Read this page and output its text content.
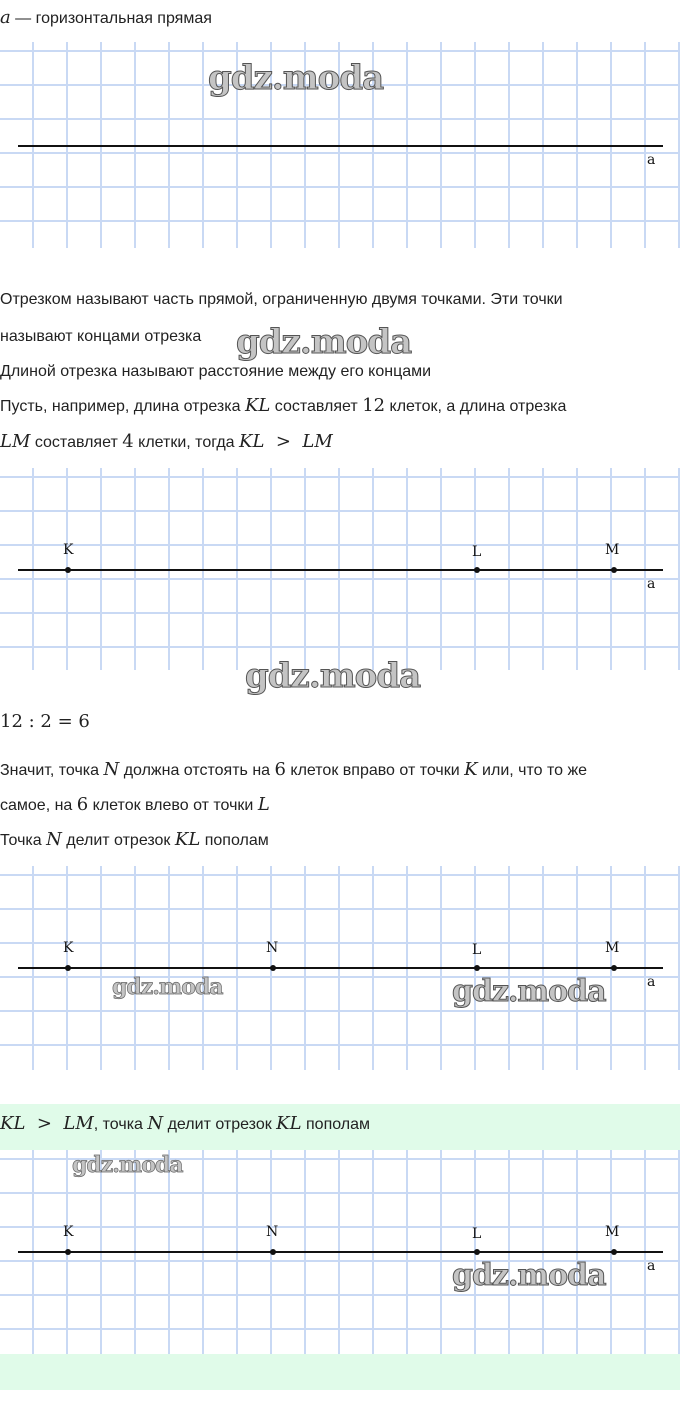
a — горизонтальная прямая
a
gdz.moda
Отрезком называют часть прямой, ограниченную двумя точками. Эти точки
называют концами отрезка	gdz.moda
Длиной отрезка называют расстояние между его концами
Пусть, например, длина отрезка KL составляет 12 клеток, а длина отрезка
LM составляет 4 клетки, тогда KL  >  LM
K	L	M
a
gdz.moda
12 : 2 = 6
Значит, точка N должна отстоять на 6 клеток вправо от точки K или, что то же
самое, на 6 клеток влево от точки L
Точка N делит отрезок KL пополам
K	N	L	M
a
gdz.moda	gdz.moda
KL  >  LM, точка N делит отрезок KL пополам
K	N	L	M
a
gdz.moda
gdz.moda
